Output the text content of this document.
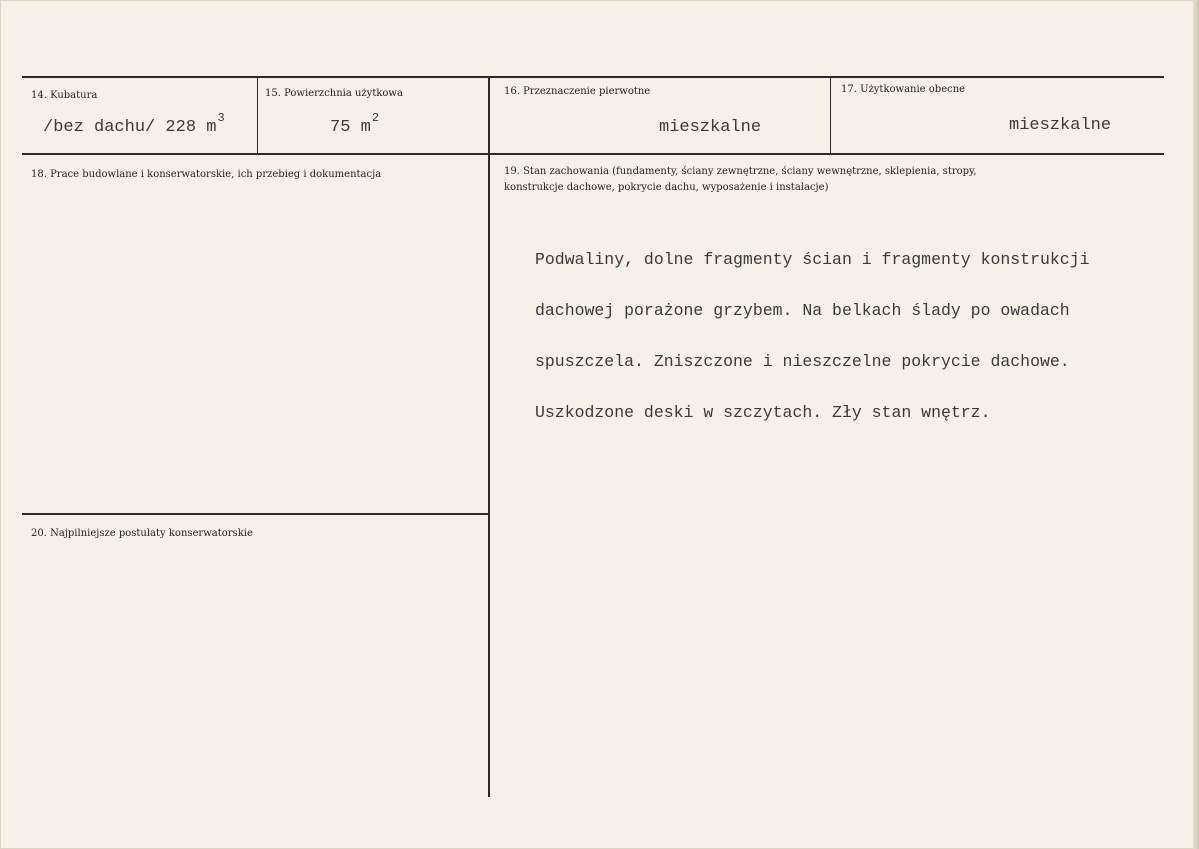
14. Kubatura
/bez dachu/ 228 $m^3$
15. Powierzchnia użytkowa
75 $m^2$
16. Przeznaczenie pierwotne
mieszkalne
17. Użytkowanie obecne
mieszkalne
18. Prace budowlane i konserwatorskie, ich przebieg i dokumentacja	19. Stan zachowania (fundamenty, ściany zewnętrzne, ściany wewnętrzne, sklepienia, stropy,
konstrukcje dachowe, pokrycie dachu, wyposażenie i instalacje)

Podwaliny, dolne fragmenty ścian i fragmenty konstrukcji

dachowej porażone grzybem. Na belkach ślady po owadach

spuszczela. Zniszczone i nieszczelne pokrycie dachowe.

Uszkodzone deski w szczytach. Zły stan wnętrz.

20. Najpilniejsze postulaty konserwatorskie
